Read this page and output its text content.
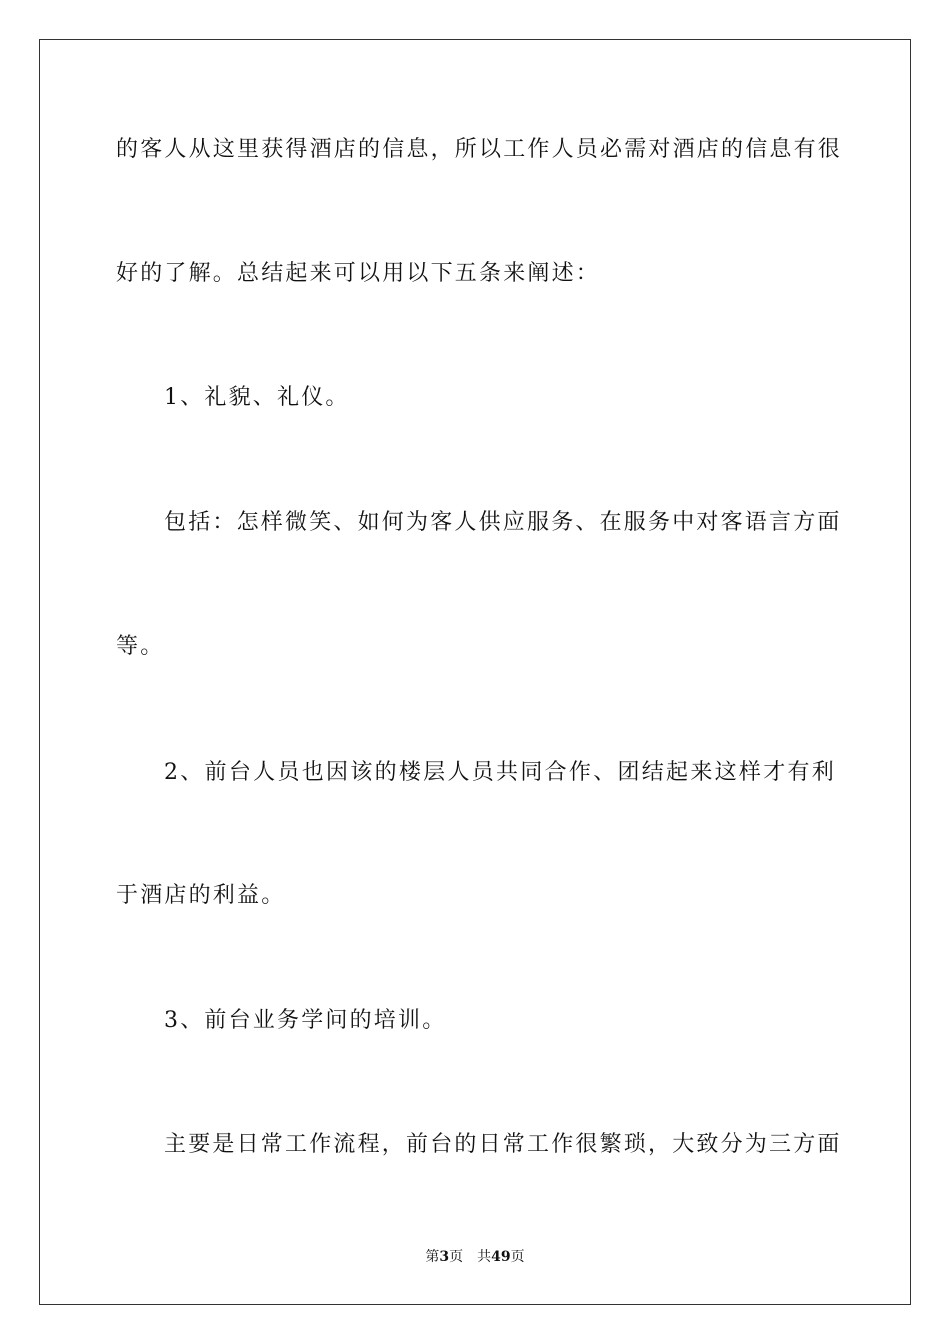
的客人从这里获得酒店的信息，所以工作人员必需对酒店的信息有很
好的了解。总结起来可以用以下五条来阐述：
1、礼貌、礼仪。
包括：怎样微笑、如何为客人供应服务、在服务中对客语言方面
等。
2、前台人员也因该的楼层人员共同合作、团结起来这样才有利
于酒店的利益。
3、前台业务学问的培训。
主要是日常工作流程，前台的日常工作很繁琐，大致分为三方面
第3页 共49页
